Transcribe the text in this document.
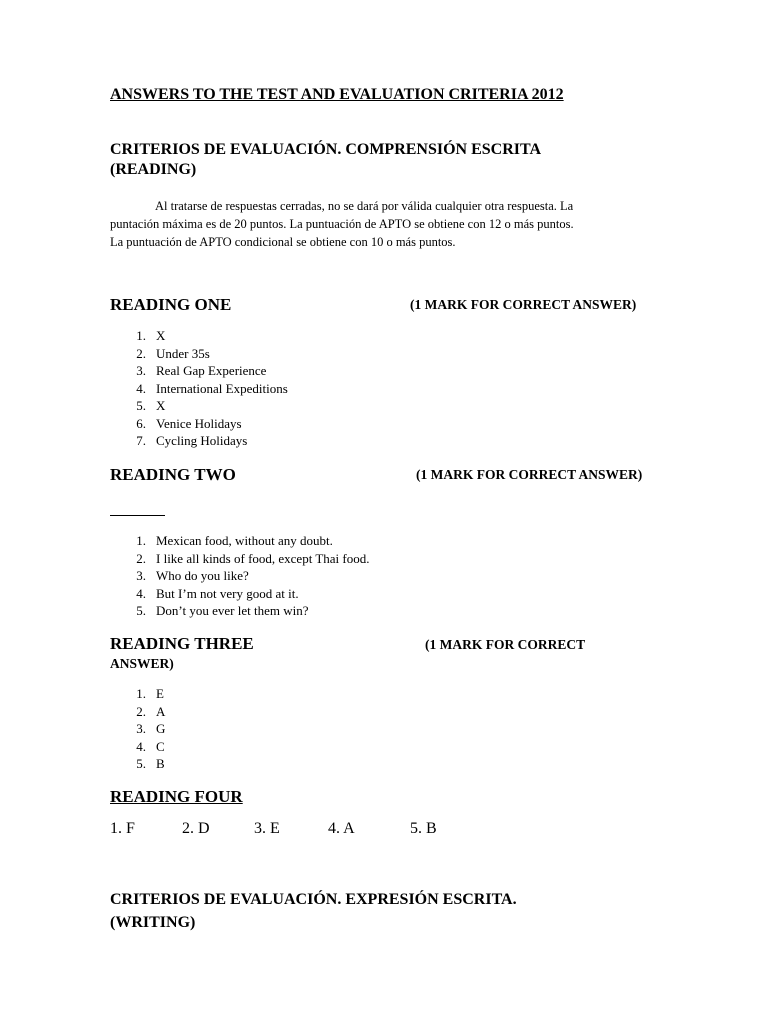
ANSWERS TO THE TEST AND EVALUATION CRITERIA 2012
CRITERIOS DE EVALUACIÓN. COMPRENSIÓN ESCRITA
(READING)

Al tratarse de respuestas cerradas, no se dará por válida cualquier otra respuesta. La

puntación máxima es de 20 puntos. La puntuación de APTO se obtiene con 12 o más puntos.

La puntuación de APTO condicional se obtiene con 10 o más puntos.

READING ONE	(1 MARK FOR CORRECT ANSWER)
1. X
2. Under 35s
3. Real Gap Experience
4. International Expeditions
5. X
6. Venice Holidays
7. Cycling Holidays
READING TWO	(1 MARK FOR CORRECT ANSWER)
1. Mexican food, without any doubt.
2. I like all kinds of food, except Thai food.
3. Who do you like?
4. But I’m not very good at it.
5. Don’t you ever let them win?
READING THREE	(1 MARK FOR CORRECT
ANSWER)
1. E
2. A
3. G
4. C
5. B
READING FOUR
1. F	2. D	3. E	4. A	5. B
CRITERIOS DE EVALUACIÓN. EXPRESIÓN ESCRITA.
(WRITING)
